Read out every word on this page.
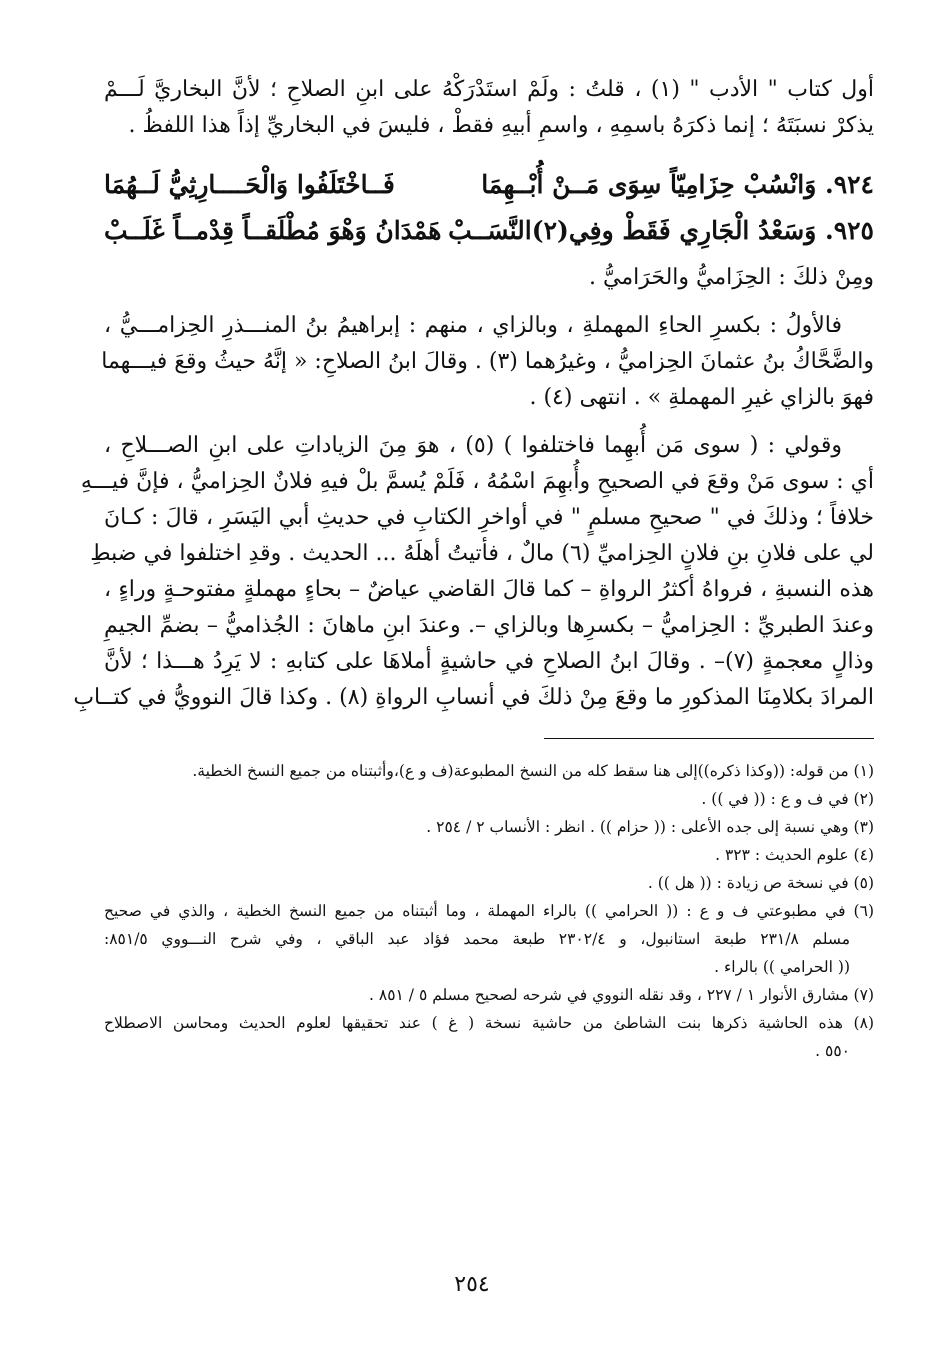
أول كتاب " الأدب " (١) ، قلتُ : ولَمْ استَدْرَكْهُ على ابنِ الصلاحِ ؛ لأنَّ البخاريَّ لَـــمْ
يذكرْ نسبَتَهُ ؛ إنما ذكرَهُ باسمِهِ ، واسمِ أبيهِ فقطْ ، فليسَ في البخاريِّ إذاً هذا اللفظُ .
٩٢٤. وَانْسُبْ حِزَامِيّاً سِوَى مَــنْ أُبْــهِمَا
فَــاخْتَلَفُوا وَالْحَــــارِثِيُّ لَــهُمَا
٩٢٥. وَسَعْدُ الْجَارِي فَقَطْ وفِي(٢)النَّسَــبْ
هَمْدَانُ وَهْوَ مُطْلَقــاً قِدْمــاً غَلَــبْ
ومِنْ ذلكَ : الحِزَاميُّ والحَرَاميُّ .
فالأولُ : بكسرِ الحاءِ المهملةِ ، وبالزاي ، منهم : إبراهيمُ بنُ المنـــذرِ الحِزامـــيُّ ،
والضَّحَّاكُ بنُ عثمانَ الحِزاميُّ ، وغيرُهما (٣) . وقالَ ابنُ الصلاحِ: « إنَّهُ حيثُ وقعَ فيـــهما
فهوَ بالزاي غيرِ المهملةِ » . انتهى (٤) .
وقولي : ( سوى مَن أُبهِما فاختلفوا ) (٥) ، هوَ مِنَ الزياداتِ على ابنِ الصـــلاحِ ،
أي : سوى مَنْ وقعَ في الصحيحِ وأُبهِمَ اسْمُهُ ، فَلَمْ يُسمَّ بلْ فيهِ فلانٌ الحِزاميُّ ، فإنَّ فيـــهِ
خلافاً ؛ وذلكَ في " صحيحِ مسلمٍ " في أواخرِ الكتابِ في حديثِ أبي اليَسَرِ ، قالَ : كـانَ
لي على فلانِ بنِ فلانٍ الحِزاميِّ (٦) مالٌ ، فأتيتُ أهلَهُ ... الحديث . وقدِ اختلفوا في ضبطِ
هذه النسبةِ ، فرواهُ أكثرُ الرواةِ – كما قالَ القاضي عياضٌ – بحاءٍ مهملةٍ مفتوحـةٍ وراءٍ ،
وعندَ الطبريِّ : الحِزاميُّ – بكسرِها وبالزاي –. وعندَ ابنِ ماهانَ : الجُذاميُّ – بضمِّ الجيمِ
وذالٍ معجمةٍ (٧)– . وقالَ ابنُ الصلاحِ في حاشيةٍ أملاهَا على كتابهِ : لا يَرِدُ هـــذا ؛ لأنَّ
المرادَ بكلامِنَا المذكورِ ما وقعَ مِنْ ذلكَ في أنسابِ الرواةِ (٨) . وكذا قالَ النوويُّ في كتــابِ
(١) من قوله: ((وكذا ذكره))إلى هنا سقط كله من النسخ المطبوعة(ف و ع)،وأثبتناه من جميع النسخ الخطية.
(٢) في ف و ع : (( في )) .
(٣) وهي نسبة إلى جده الأعلى : (( حزام )) . انظر : الأنساب ٢ / ٢٥٤ .
(٤) علوم الحديث : ٣٢٣ .
(٥) في نسخة ص زيادة : (( هل )) .
(٦) في مطبوعتي ف و ع : (( الحرامي )) بالراء المهملة ، وما أثبتناه من جميع النسخ الخطية ، والذي في صحيح
مسلم ٢٣١/٨ طبعة استانبول، و ٢٣٠٢/٤ طبعة محمد فؤاد عبد الباقي ، وفي شرح النـــووي ٨٥١/٥:
(( الحرامي )) بالراء .
(٧) مشارق الأنوار ١ / ٢٢٧ ، وقد نقله النووي في شرحه لصحيح مسلم ٥ / ٨٥١ .
(٨) هذه الحاشية ذكرها بنت الشاطئ من حاشية نسخة ( غ ) عند تحقيقها لعلوم الحديث ومحاسن الاصطلاح
٥٥٠ .
٢٥٤
